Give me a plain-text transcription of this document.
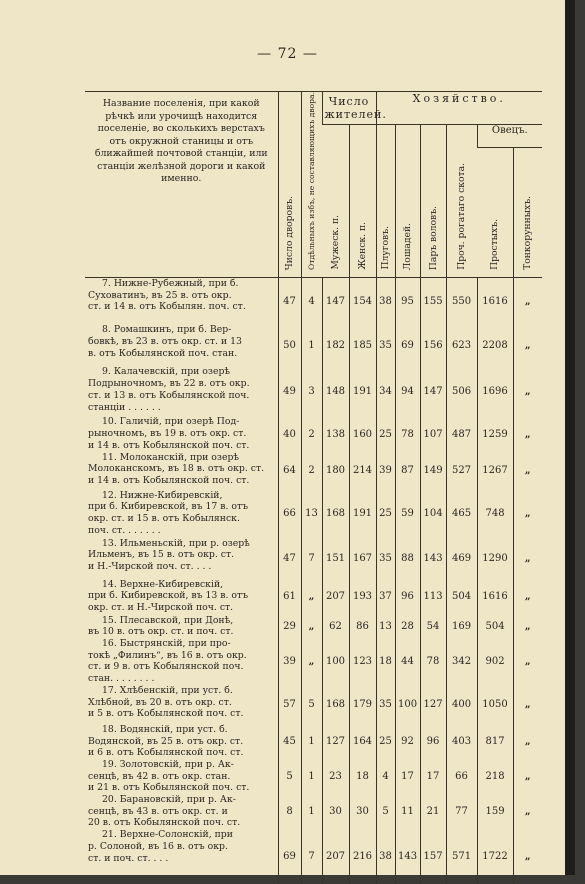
— 72 —
Название поселенія, при какой рѣчкѣ или урочищѣ находится поселеніе, во сколькихъ верстахъ отъ окружной станицы и отъ ближайшей почтовой станціи, или станціи желѣзной дороги и какой именно.	Число дворовъ.	Отдѣльныхъ избъ, не составляющихъ двора.	Число жителей.		Хозяйство.					
			Мужеск. п.	Женск. п.	Плуговъ.	Лошадей.	Паръ воловъ.	Проч. рогатаго скота.	Овецъ.	
									Простыхъ.	Тонкорунныхъ.

7. Нижне-Рубежный, при б.
Суховатинъ, въ 25 в. отъ окр.
ст. и 14 в. отъ Кобылян. поч. ст.	47	4	147	154	38	95	155	550	1616	„

8. Ромашкинъ, при б. Вер-
бовкѣ, въ 23 в. отъ окр. ст. и 13
в. отъ Кобылянской поч. стан.	50	1	182	185	35	69	156	623	2208	„

9. Калачевскій, при озерѣ
Подрыночномъ, въ 22 в. отъ окр.
ст. и 13 в. отъ Кобылянской поч.
станціи . . . . . .	49	3	148	191	34	94	147	506	1696	„

10. Галичій, при озерѣ Под-
рыночномъ, въ 19 в. отъ окр. ст.
и 14 в. отъ Кобылянской поч. ст.	40	2	138	160	25	78	107	487	1259	„

11. Молоканскій, при озерѣ
Молоканскомъ, въ 18 в. отъ окр. ст.
и 14 в. отъ Кобылянской поч. ст.	64	2	180	214	39	87	149	527	1267	„

12. Нижне-Кибиревскій,
при б. Кибиревской, въ 17 в. отъ
окр. ст. и 15 в. отъ Кобылянск.
поч. ст. . . . . . .	66	13	168	191	25	59	104	465	748	„

13. Ильменьскій, при р. озерѣ
Ильменъ, въ 15 в. отъ окр. ст.
и Н.-Чирской поч. ст. . . .	47	7	151	167	35	88	143	469	1290	„

14. Верхне-Кибиревскій,
при б. Кибиревской, въ 13 в. отъ
окр. ст. и Н.-Чирской поч. ст.	61	„	207	193	37	96	113	504	1616	„

15. Плесавской, при Донѣ,
въ 10 в. отъ окр. ст. и поч. ст.	29	„	62	86	13	28	54	169	504	„

16. Быстрянскій, при про-
токѣ „Филинъ“, въ 16 в. отъ окр.
ст. и 9 в. отъ Кобылянской поч.
стан. . . . . . . .	39	„	100	123	18	44	78	342	902	„

17. Хлѣбенскій, при уст. б.
Хлѣбной, въ 20 в. отъ окр. ст.
и 5 в. отъ Кобылянской поч. ст.	57	5	168	179	35	100	127	400	1050	„

18. Водянскій, при уст. б.
Водянской, въ 25 в. отъ окр. ст.
и 6 в. отъ Кобылянской поч. ст.	45	1	127	164	25	92	96	403	817	„

19. Золотовскій, при р. Ак-
сенцѣ, въ 42 в. отъ окр. стан.
и 21 в. отъ Кобылянской поч. ст.	5	1	23	18	4	17	17	66	218	„

20. Барановскій, при р. Ак-
сенцѣ, въ 43 в. отъ окр. ст. и
20 в. отъ Кобылянской поч. ст.	8	1	30	30	5	11	21	77	159	„

21. Верхне-Солонскій, при
р. Солоной, въ 16 в. отъ окр.
ст. и поч. ст. . . .	69	7	207	216	38	143	157	571	1722	„
